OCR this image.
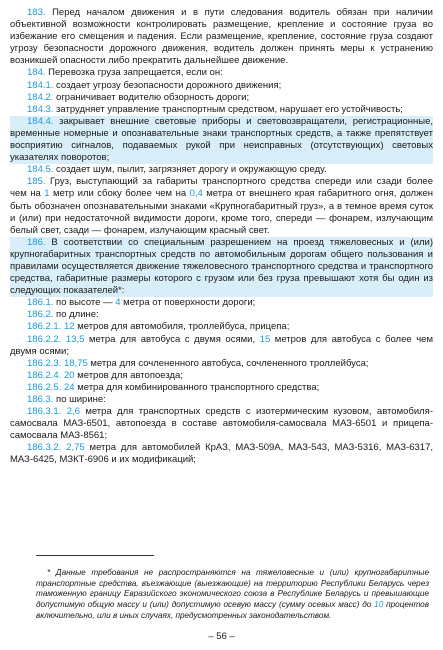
183. Перед началом движения и в пути следования водитель обязан при наличии объективной возможности контролировать размещение, крепление и состояние груза во избежание его смещения и падения. Если размещение, крепление, состояние груза создают угрозу безопасности дорожного движения, водитель должен принять меры к устранению возникшей опасности либо прекратить дальнейшее движение.

184. Перевозка груза запрещается, если он:

184.1. создает угрозу безопасности дорожного движения;

184.2. ограничивает водителю обзорность дороги;

184.3. затрудняет управление транспортным средством, нарушает его устойчивость;

184.4. закрывает внешние световые приборы и световозвращатели, регистрационные, временные номерные и опознавательные знаки транспортных средств, а также препятствует восприятию сигналов, подаваемых рукой при неисправных (отсутствующих) световых указателях поворотов;

184.5. создает шум, пылит, загрязняет дорогу и окружающую среду.

185. Груз, выступающий за габариты транспортного средства спереди или сзади более чем на 1 метр или сбоку более чем на 0,4 метра от внешнего края габаритного огня, должен быть обозначен опознавательными знаками «Крупногабаритный груз», а в темное время суток и (или) при недостаточной видимости дороги, кроме того, спереди — фонарем, излучающим белый свет, сзади — фонарем, излучающим красный свет.

186. В соответствии со специальным разрешением на проезд тяжеловесных и (или) крупногабаритных транспортных средств по автомобильным дорогам общего пользования и правилами осуществляется движение тяжеловесного транспортного средства и транспортного средства, габаритные размеры которого с грузом или без груза превышают хотя бы один из следующих показателей*:

186.1. по высоте — 4 метра от поверхности дороги;

186.2. по длине:

186.2.1. 12 метров для автомобиля, троллейбуса, прицепа;

186.2.2. 13,5 метра для автобуса с двумя осями, 15 метров для автобуса с более чем двумя осями;

186.2.3. 18,75 метра для сочлененного автобуса, сочлененного троллейбуса;

186.2.4. 20 метров для автопоезда;

186.2.5. 24 метра для комбинированного транспортного средства;

186.3. по ширине:

186.3.1. 2,6 метра для транспортных средств с изотермическим кузовом, автомобиля-самосвала МАЗ-6501, автопоезда в составе автомобиля-самосвала МАЗ-6501 и прицепа-самосвала МАЗ-8561;

186.3.2. 2,75 метра для автомобилей КрАЗ, МАЗ-509А, МАЗ-543, МАЗ-5316, МАЗ-6317, МАЗ-6425, МЗКТ-6906 и их модификаций;

* Данные требования не распространяются на тяжеловесные и (или) крупногабаритные транспортные средства, въезжающие (выезжающие) на территорию Республики Беларусь через таможенную границу Евразийского экономического союза в Республике Беларусь и превышающие допустимую общую массу и (или) допустимую осевую массу (сумму осевых масс) до 10 процентов включительно, или в иных случаях, предусмотренных законодательством.

– 56 –
